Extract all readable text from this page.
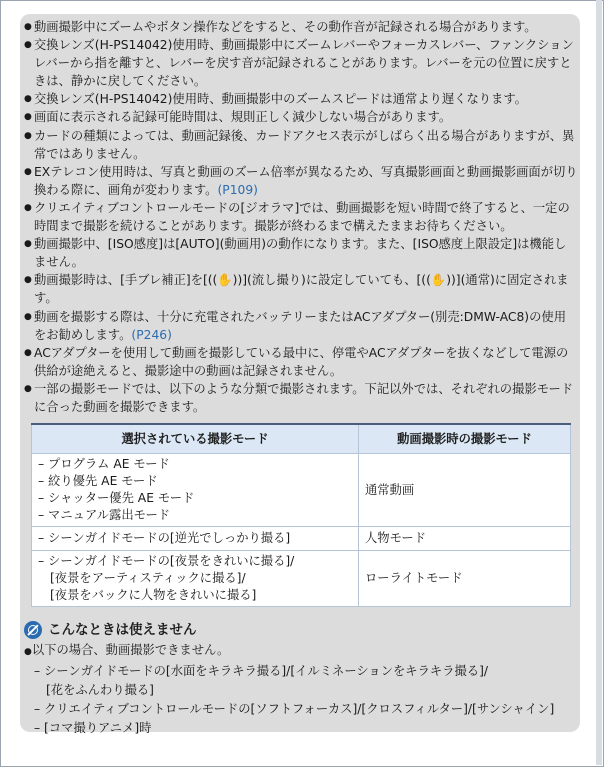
● 動画撮影中にズームやボタン操作などをすると、その動作音が記録される場合があります。
● 交換レンズ(H-PS14042)使用時、動画撮影中にズームレバーやフォーカスレバー、ファンクションレバーから指を離すと、レバーを戻す音が記録されることがあります。レバーを元の位置に戻すときは、静かに戻してください。
● 交換レンズ(H-PS14042)使用時、動画撮影中のズームスピードは通常より遅くなります。
● 画面に表示される記録可能時間は、規則正しく減少しない場合があります。
● カードの種類によっては、動画記録後、カードアクセス表示がしばらく出る場合がありますが、異常ではありません。
● EXテレコン使用時は、写真と動画のズーム倍率が異なるため、写真撮影画面と動画撮影画面が切り換わる際に、画角が変わります。(P109)
● クリエイティブコントロールモードの[ジオラマ]では、動画撮影を短い時間で終了すると、一定の時間まで撮影を続けることがあります。撮影が終わるまで構えたままお待ちください。
● 動画撮影中、[ISO感度]は[AUTO](動画用)の動作になります。また、[ISO感度上限設定]は機能しません。
● 動画撮影時は、[手ブレ補正]を[((✋))](流し撮り)に設定していても、[((✋))](通常)に固定されます。
● 動画を撮影する際は、十分に充電されたバッテリーまたはACアダプター(別売:DMW-AC8)の使用をお勧めします。(P246)
● ACアダプターを使用して動画を撮影している最中に、停電やACアダプターを抜くなどして電源の供給が途絶えると、撮影途中の動画は記録されません。
● 一部の撮影モードでは、以下のような分類で撮影されます。下記以外では、それぞれの撮影モードに合った動画を撮影できます。
選択されている撮影モード	動画撮影時の撮影モード

– プログラム AE モード
– 絞り優先 AE モード
– シャッター優先 AE モード
– マニュアル露出モード	通常動画

– シーンガイドモードの[逆光でしっかり撮る]	人物モード

– シーンガイドモードの[夜景をきれいに撮る]/
[夜景をアーティスティックに撮る]/
[夜景をバックに人物をきれいに撮る]	ローライトモード
こんなときは使えません
●以下の場合、動画撮影できません。
– シーンガイドモードの[水面をキラキラ撮る]/[イルミネーションをキラキラ撮る]/
[花をふんわり撮る]
– クリエイティブコントロールモードの[ソフトフォーカス]/[クロスフィルター]/[サンシャイン]
– [コマ撮りアニメ]時
